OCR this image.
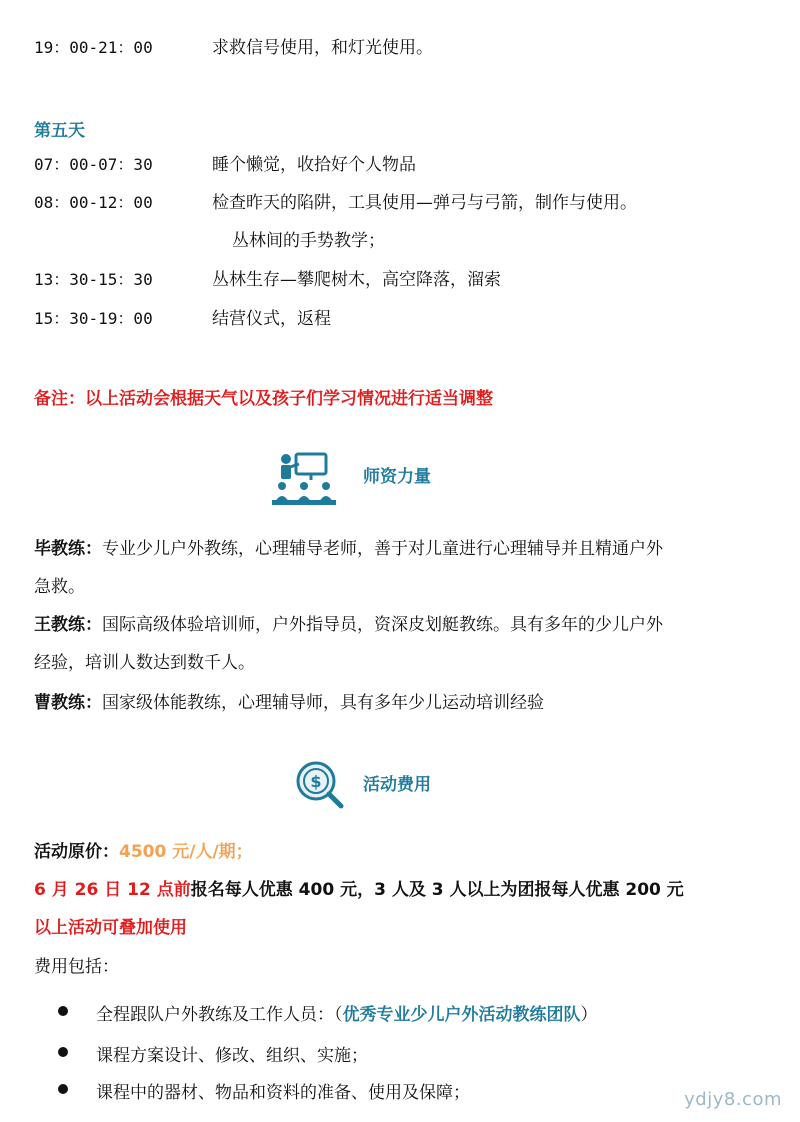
19：00-21：00	求救信号使用，和灯光使用。
第五天
07：00-07：30	睡个懒觉，收拾好个人物品
08：00-12：00	检查昨天的陷阱，工具使用—弹弓与弓箭，制作与使用。
丛林间的手势教学；
13：30-15：30	丛林生存—攀爬树木，高空降落，溜索
15：30-19：00	结营仪式，返程
备注：以上活动会根据天气以及孩子们学习情况进行适当调整
师资力量
毕教练：专业少儿户外教练，心理辅导老师，善于对儿童进行心理辅导并且精通户外
急救。
王教练：国际高级体验培训师，户外指导员，资深皮划艇教练。具有多年的少儿户外
经验，培训人数达到数千人。
曹教练：国家级体能教练，心理辅导师，具有多年少儿运动培训经验
$ 活动费用
活动原价：4500 元/人/期；
6 月 26 日 12 点前报名每人优惠 400 元，3 人及 3 人以上为团报每人优惠 200 元
以上活动可叠加使用
费用包括：
全程跟队户外教练及工作人员：（优秀专业少儿户外活动教练团队）
课程方案设计、修改、组织、实施；
课程中的器材、物品和资料的准备、使用及保障；	ydjy8.com
